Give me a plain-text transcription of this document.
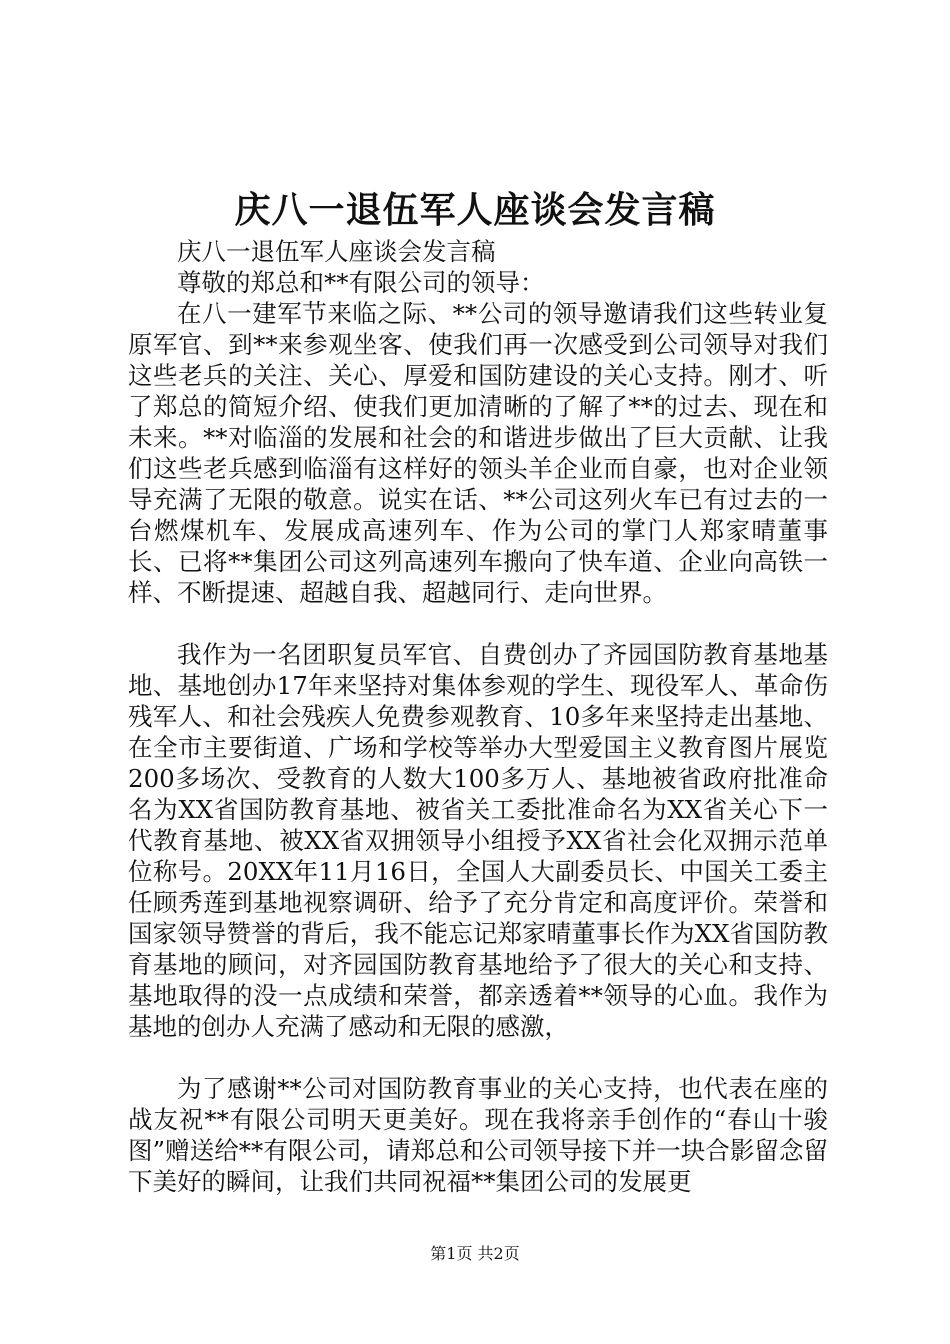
庆八一退伍军人座谈会发言稿

庆八一退伍军人座谈会发言稿

尊敬的郑总和**有限公司的领导：

在八一建军节来临之际、**公司的领导邀请我们这些转业复原军官、到**来参观坐客、使我们再一次感受到公司领导对我们这些老兵的关注、关心、厚爱和国防建设的关心支持。刚才、听了郑总的简短介绍、使我们更加清晰的了解了**的过去、现在和未来。**对临淄的发展和社会的和谐进步做出了巨大贡献、让我们这些老兵感到临淄有这样好的领头羊企业而自豪，也对企业领导充满了无限的敬意。说实在话、**公司这列火车已有过去的一台燃煤机车、发展成高速列车、作为公司的掌门人郑家晴董事长、已将**集团公司这列高速列车搬向了快车道、企业向高铁一样、不断提速、超越自我、超越同行、走向世界。

我作为一名团职复员军官、自费创办了齐园国防教育基地基地、基地创办17年来坚持对集体参观的学生、现役军人、革命伤残军人、和社会残疾人免费参观教育、10多年来坚持走出基地、在全市主要街道、广场和学校等举办大型爱国主义教育图片展览200多场次、受教育的人数大100多万人、基地被省政府批准命名为XX省国防教育基地、被省关工委批准命名为XX省关心下一代教育基地、被XX省双拥领导小组授予XX省社会化双拥示范单位称号。20XX年11月16日，全国人大副委员长、中国关工委主任顾秀莲到基地视察调研、给予了充分肯定和高度评价。荣誉和国家领导赞誉的背后，我不能忘记郑家晴董事长作为XX省国防教育基地的顾问，对齐园国防教育基地给予了很大的关心和支持、基地取得的没一点成绩和荣誉，都亲透着**领导的心血。我作为基地的创办人充满了感动和无限的感激，

为了感谢**公司对国防教育事业的关心支持，也代表在座的战友祝**有限公司明天更美好。现在我将亲手创作的“春山十骏图”赠送给**有限公司，请郑总和公司领导接下并一块合影留念留下美好的瞬间，让我们共同祝福**集团公司的发展更

第1页 共2页
